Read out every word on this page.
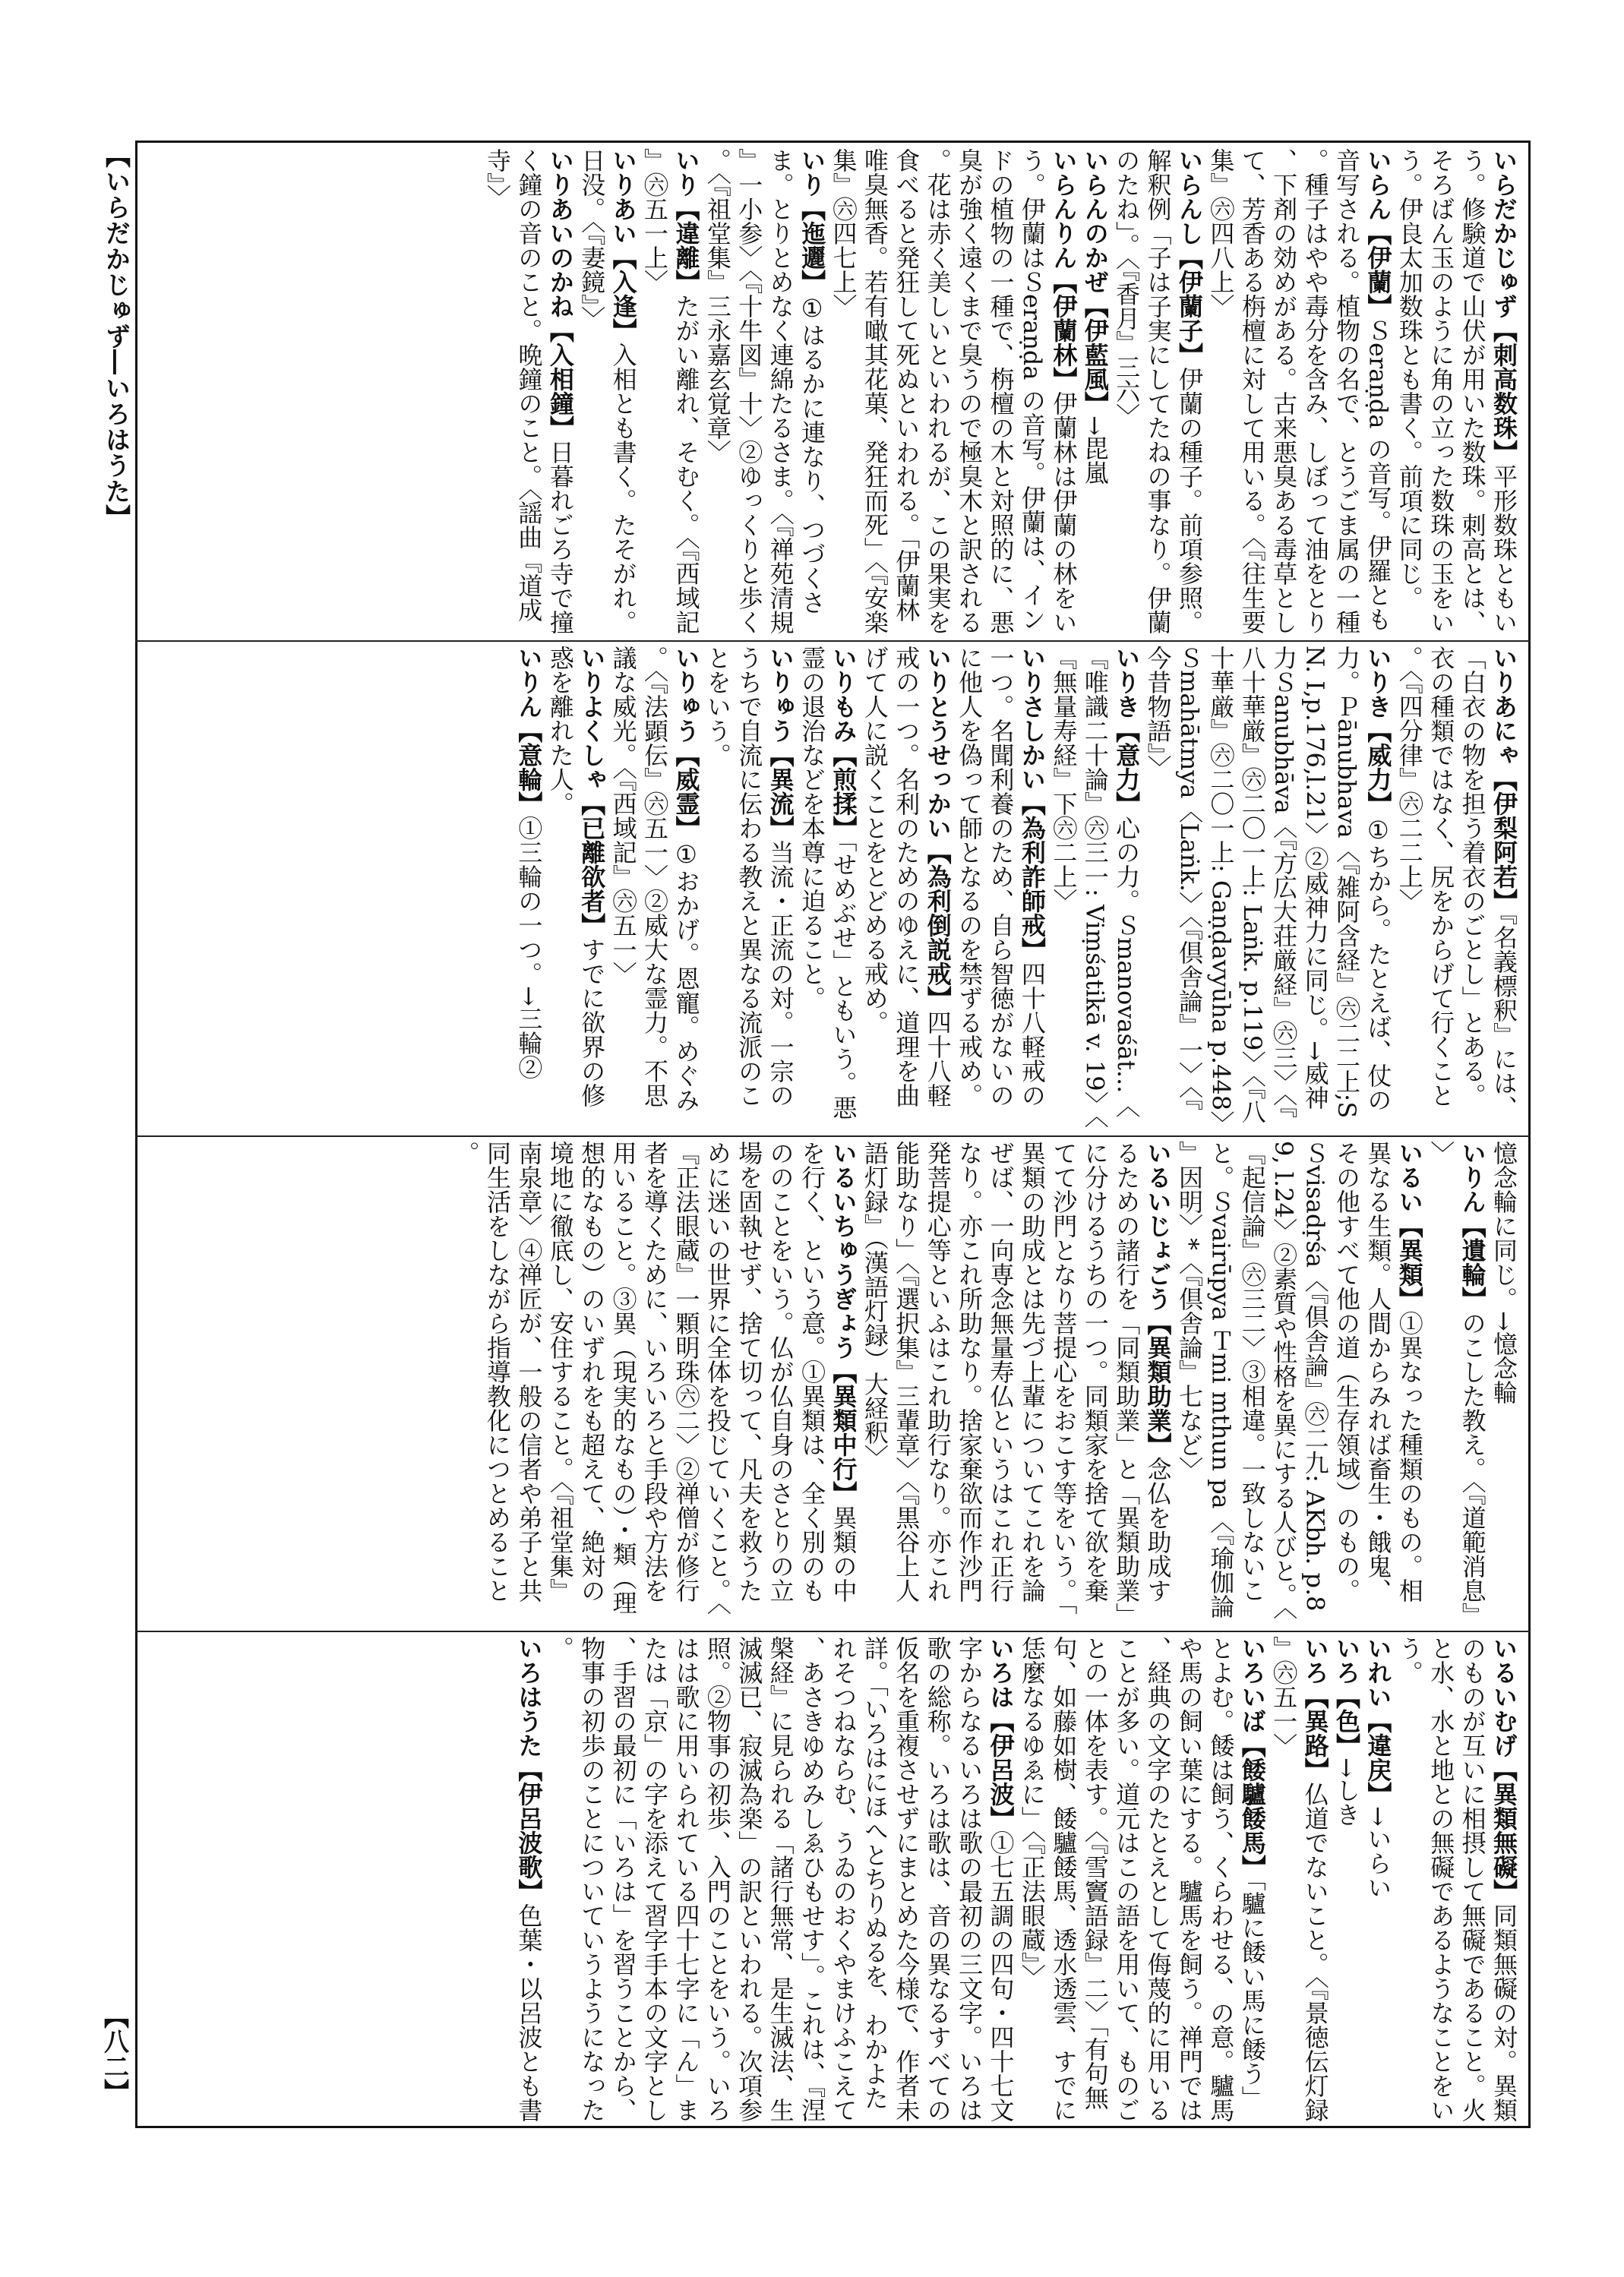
【いらだかじゅず―いろはうた】
【八二】
いらだかじゅず【刺高数珠】平形数珠ともいう。修験道で山伏が用いた数珠。刺高とは、そろばん玉のように角の立った数珠の玉をいう。伊良太加数珠とも書く。前項に同じ。
いらん【伊蘭】Ｓeraṇḍa の音写。伊羅とも音写される。植物の名で、とうごま属の一種。種子はやや毒分を含み、しぼって油をとり、下剤の効めがある。古来悪臭ある毒草として、芳香ある栴檀に対して用いる。〈『往生要集』㊅四八上〉
いらんし【伊蘭子】伊蘭の種子。前項参照。解釈例「子は子実にしてたねの事なり。伊蘭のたね」。〈『香月』三六〉
いらんのかぜ【伊藍風】→毘嵐
いらんりん【伊蘭林】伊蘭林は伊蘭の林をいう。伊蘭はＳeraṇḍa の音写。伊蘭は、インドの植物の一種で、栴檀の木と対照的に、悪臭が強く遠くまで臭うので極臭木と訳される。花は赤く美しいといわれるが、この果実を食べると発狂して死ぬといわれる。「伊蘭林唯臭無香。若有噉其花菓、発狂而死」〈『安楽集』㊅四七上〉
いり【迤邐】①はるかに連なり、つづくさま。とりとめなく連綿たるさま。〈『禅苑清規』一小参〉〈『十牛図』十〉②ゆっくりと歩く。〈『祖堂集』三永嘉玄覚章〉
いり【違離】たがい離れ、そむく。〈『西域記』㊅五一上〉
いりあい【入逢】入相とも書く。たそがれ。日没。〈『妻鏡』〉
いりあいのかね【入相鐘】日暮れごろ寺で撞く鐘の音のこと。晩鐘のこと。〈謡曲『道成寺』〉
いりあにゃ【伊梨阿若】『名義標釈』には、「白衣の物を担う着衣のごとし」とある。衣の種類ではなく、尻をからげて行くこと。〈『四分律』㊅二二上〉
いりき【威力】①ちから。たとえば、仗の力。Ｐānubhava〈『雑阿含経』㊅二二上;SN. I,p.176,l.21〉②威神力に同じ。→威神力Ｓanubhāva〈『方広大荘厳経』㊅三〉〈『八十華厳』㊅二〇一上: Laṅk. p.119〉〈『八十華厳』㊅二〇一上: Gaṇḍavyūha p.448〉Ｓmahātmya〈Laṅk.〉〈『倶舎論』一〉〈『今昔物語』〉
いりき【意力】心の力。Ｓmanovaśāt...〈『唯識二十論』㊅三一: Viṃśatikā v. 19〉〈『無量寿経』下㊅二上〉
いりさしかい【為利詐師戒】四十八軽戒の一つ。名聞利養のため、自ら智徳がないのに他人を偽って師となるのを禁ずる戒め。
いりとうせっかい【為利倒説戒】四十八軽戒の一つ。名利のためのゆえに、道理を曲げて人に説くことをとどめる戒め。
いりもみ【煎揉】「せめぶせ」ともいう。悪霊の退治などを本尊に迫ること。
いりゅう【異流】当流・正流の対。一宗のうちで自流に伝わる教えと異なる流派のことをいう。
いりゅう【威霊】①おかげ。恩寵。めぐみ。〈『法顕伝』㊅五一〉②威大な霊力。不思議な威光。〈『西域記』㊅五一〉
いりよくしゃ【已離欲者】すでに欲界の修惑を離れた人。
いりん【意輪】①三輪の一つ。→三輪②
憶念輪に同じ。→憶念輪
いりん【遺輪】のこした教え。〈『道範消息』〉
いるい【異類】①異なった種類のもの。相異なる生類。人間からみれば畜生・餓鬼、その他すべて他の道（生存領域）のもの。Ｓvisadṛśa〈『倶舎論』㊅二九: AKbh. p.89, l.24〉②素質や性格を異にする人びと。〈『起信論』㊅三二〉③相違。一致しないこと。Ｓvairūpya Ｔmi mthun pa〈『瑜伽論』因明〉*〈『倶舎論』七など〉
いるいじょごう【異類助業】念仏を助成するための諸行を「同類助業」と「異類助業」に分けるうちの一つ。同類家を捨て欲を棄てて沙門となり菩提心をおこす等をいう。「異類の助成とは先づ上輩についてこれを論ぜば、一向専念無量寿仏というはこれ正行なり。亦これ所助なり。捨家棄欲而作沙門発菩提心等といふはこれ助行なり。亦これ能助なり」〈『選択集』三輩章〉〈『黒谷上人語灯録』（漢語灯録）大経釈〉
いるいちゅうぎょう【異類中行】異類の中を行く、という意。①異類は、全く別のもののことをいう。仏が仏自身のさとりの立場を固執せず、捨て切って、凡夫を救うために迷いの世界に全体を投じていくこと。〈『正法眼蔵』一顆明珠㊅二〉②禅僧が修行者を導くために、いろいろと手段や方法を用いること。③異（現実的なもの）・類（理想的なもの）のいずれをも超えて、絶対の境地に徹底し、安住すること。〈『祖堂集』南泉章〉④禅匠が、一般の信者や弟子と共同生活をしながら指導教化につとめること。
いるいむげ【異類無礙】同類無礙の対。異類のものが互いに相摂して無礙であること。火と水、水と地との無礙であるようなことをいう。
いれい【違戻】→いらい
いろ【色】→しき
いろ【異路】仏道でないこと。〈『景徳伝灯録』㊅五一〉
いろいば【餧驢餧馬】「驢に餧い馬に餧う」とよむ。餧は飼う、くらわせる、の意。驢馬や馬の飼い葉にする。驢馬を飼う。禅門では、経典の文字のたとえとして侮蔑的に用いることが多い。道元はこの語を用いて、ものごとの一体を表す。〈『雪竇語録』二〉「有句無句、如藤如樹、餧驢餧馬、透水透雲、すでに恁麼なるゆゑに」〈『正法眼蔵』〉
いろは【伊呂波】①七五調の四句・四十七文字からなるいろは歌の最初の三文字。いろは歌の総称。いろは歌は、音の異なるすべての仮名を重複させずにまとめた今様で、作者未詳。「いろはにほへとちりぬるを、わかよたれそつねならむ、うゐのおくやまけふこえて、あさきゆめみしゑひもせす」。これは、『涅槃経』に見られる「諸行無常、是生滅法、生滅滅已、寂滅為楽」の訳といわれる。次項参照。②物事の初歩、入門のことをいう。いろはは歌に用いられている四十七字に「ん」または「京」の字を添えて習字手本の文字とし、手習の最初に「いろは」を習うことから、物事の初歩のことについていうようになった。
いろはうた【伊呂波歌】色葉・以呂波とも書
